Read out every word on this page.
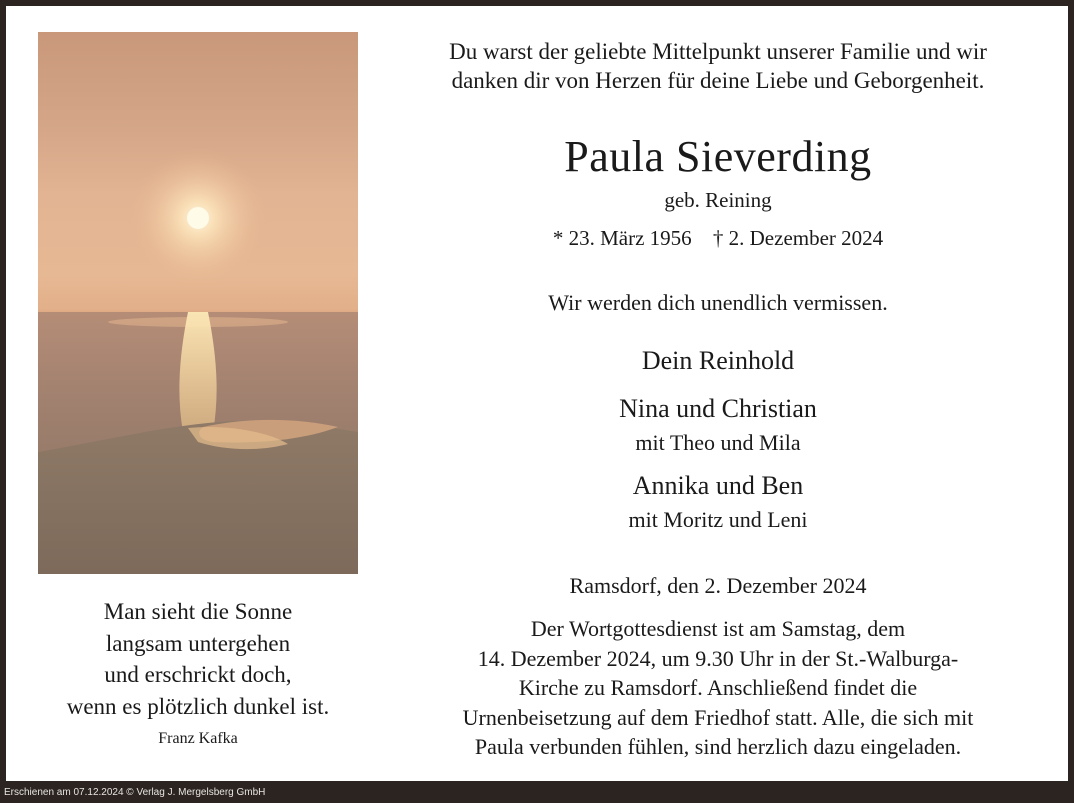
Man sieht die Sonne
langsam untergehen
und erschrickt doch,
wenn es plötzlich dunkel ist.
Franz Kafka
Du warst der geliebte Mittelpunkt unserer Familie und wir
danken dir von Herzen für deine Liebe und Geborgenheit.
Paula Sieverding
geb. Reining
* 23. März 1956 † 2. Dezember 2024
Wir werden dich unendlich vermissen.
Dein Reinhold
Nina und Christian
mit Theo und Mila
Annika und Ben
mit Moritz und Leni
Ramsdorf, den 2. Dezember 2024
Der Wortgottesdienst ist am Samstag, dem
14. Dezember 2024, um 9.30 Uhr in der St.-Walburga-
Kirche zu Ramsdorf. Anschließend findet die
Urnenbeisetzung auf dem Friedhof statt. Alle, die sich mit
Paula verbunden fühlen, sind herzlich dazu eingeladen.
Erschienen am 07.12.2024 © Verlag J. Mergelsberg GmbH
